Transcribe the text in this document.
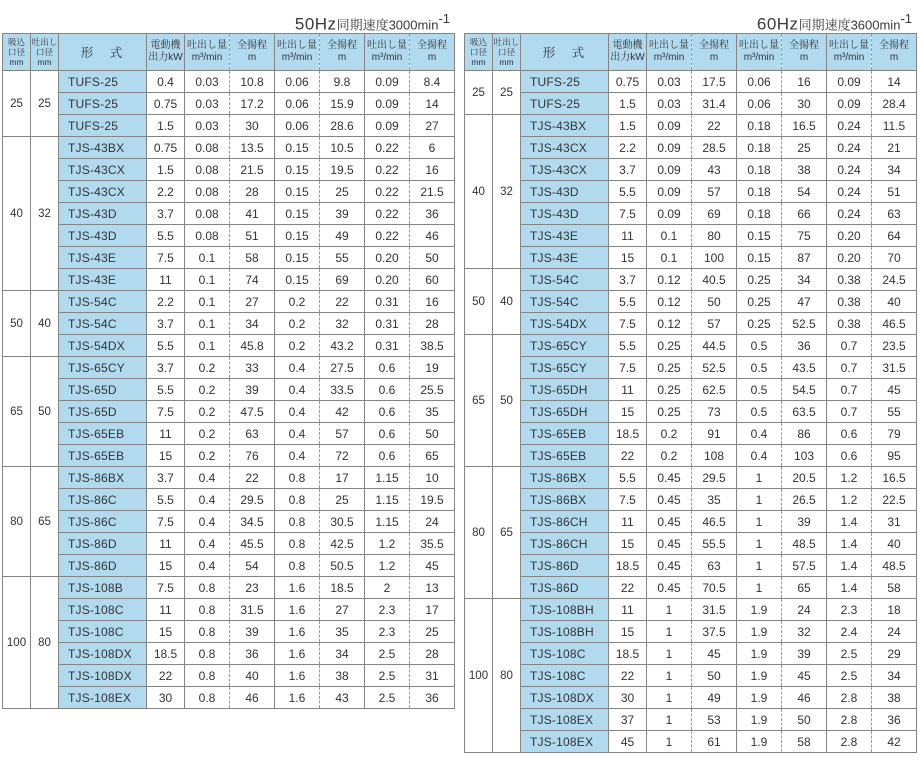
50Hz同期速度$3000\min^{-1}$
吸込
口径
mm	吐出し
口径
mm	形　式	電動機
出力kW	吐出し量
m³/min	全揚程
m	吐出し量
m³/min	全揚程
m	吐出し量
m³/min	全揚程
m
25	25	TUFS-25	0.4	0.03	10.8	0.06	9.8	0.09	8.4
		TUFS-25	0.75	0.03	17.2	0.06	15.9	0.09	14
		TUFS-25	1.5	0.03	30	0.06	28.6	0.09	27
40	32	TJS-43BX	0.75	0.08	13.5	0.15	10.5	0.22	6
		TJS-43CX	1.5	0.08	21.5	0.15	19.5	0.22	16
		TJS-43CX	2.2	0.08	28	0.15	25	0.22	21.5
		TJS-43D	3.7	0.08	41	0.15	39	0.22	36
		TJS-43D	5.5	0.08	51	0.15	49	0.22	46
		TJS-43E	7.5	0.1	58	0.15	55	0.20	50
		TJS-43E	11	0.1	74	0.15	69	0.20	60
50	40	TJS-54C	2.2	0.1	27	0.2	22	0.31	16
		TJS-54C	3.7	0.1	34	0.2	32	0.31	28
		TJS-54DX	5.5	0.1	45.8	0.2	43.2	0.31	38.5
65	50	TJS-65CY	3.7	0.2	33	0.4	27.5	0.6	19
		TJS-65D	5.5	0.2	39	0.4	33.5	0.6	25.5
		TJS-65D	7.5	0.2	47.5	0.4	42	0.6	35
		TJS-65EB	11	0.2	63	0.4	57	0.6	50
		TJS-65EB	15	0.2	76	0.4	72	0.6	65
80	65	TJS-86BX	3.7	0.4	22	0.8	17	1.15	10
		TJS-86C	5.5	0.4	29.5	0.8	25	1.15	19.5
		TJS-86C	7.5	0.4	34.5	0.8	30.5	1.15	24
		TJS-86D	11	0.4	45.5	0.8	42.5	1.2	35.5
		TJS-86D	15	0.4	54	0.8	50.5	1.2	45
100	80	TJS-108B	7.5	0.8	23	1.6	18.5	2	13
		TJS-108C	11	0.8	31.5	1.6	27	2.3	17
		TJS-108C	15	0.8	39	1.6	35	2.3	25
		TJS-108DX	18.5	0.8	36	1.6	34	2.5	28
		TJS-108DX	22	0.8	40	1.6	38	2.5	31
		TJS-108EX	30	0.8	46	1.6	43	2.5	36
60Hz同期速度$3600\min^{-1}$
吸込
口径
mm	吐出し
口径
mm	形　式	電動機
出力kW	吐出し量
m³/min	全揚程
m	吐出し量
m³/min	全揚程
m	吐出し量
m³/min	全揚程
m
25	25	TUFS-25	0.75	0.03	17.5	0.06	16	0.09	14
		TUFS-25	1.5	0.03	31.4	0.06	30	0.09	28.4
40	32	TJS-43BX	1.5	0.09	22	0.18	16.5	0.24	11.5
		TJS-43CX	2.2	0.09	28.5	0.18	25	0.24	21
		TJS-43CX	3.7	0.09	43	0.18	38	0.24	34
		TJS-43D	5.5	0.09	57	0.18	54	0.24	51
		TJS-43D	7.5	0.09	69	0.18	66	0.24	63
		TJS-43E	11	0.1	80	0.15	75	0.20	64
		TJS-43E	15	0.1	100	0.15	87	0.20	70
50	40	TJS-54C	3.7	0.12	40.5	0.25	34	0.38	24.5
		TJS-54C	5.5	0.12	50	0.25	47	0.38	40
		TJS-54DX	7.5	0.12	57	0.25	52.5	0.38	46.5
65	50	TJS-65CY	5.5	0.25	44.5	0.5	36	0.7	23.5
		TJS-65CY	7.5	0.25	52.5	0.5	43.5	0.7	31.5
		TJS-65DH	11	0.25	62.5	0.5	54.5	0.7	45
		TJS-65DH	15	0.25	73	0.5	63.5	0.7	55
		TJS-65EB	18.5	0.2	91	0.4	86	0.6	79
		TJS-65EB	22	0.2	108	0.4	103	0.6	95
80	65	TJS-86BX	5.5	0.45	29.5	1	20.5	1.2	16.5
		TJS-86BX	7.5	0.45	35	1	26.5	1.2	22.5
		TJS-86CH	11	0.45	46.5	1	39	1.4	31
		TJS-86CH	15	0.45	55.5	1	48.5	1.4	40
		TJS-86D	18.5	0.45	63	1	57.5	1.4	48.5
		TJS-86D	22	0.45	70.5	1	65	1.4	58
100	80	TJS-108BH	11	1	31.5	1.9	24	2.3	18
		TJS-108BH	15	1	37.5	1.9	32	2.4	24
		TJS-108C	18.5	1	45	1.9	39	2.5	29
		TJS-108C	22	1	50	1.9	45	2.5	34
		TJS-108DX	30	1	49	1.9	46	2.8	38
		TJS-108EX	37	1	53	1.9	50	2.8	36
		TJS-108EX	45	1	61	1.9	58	2.8	42
